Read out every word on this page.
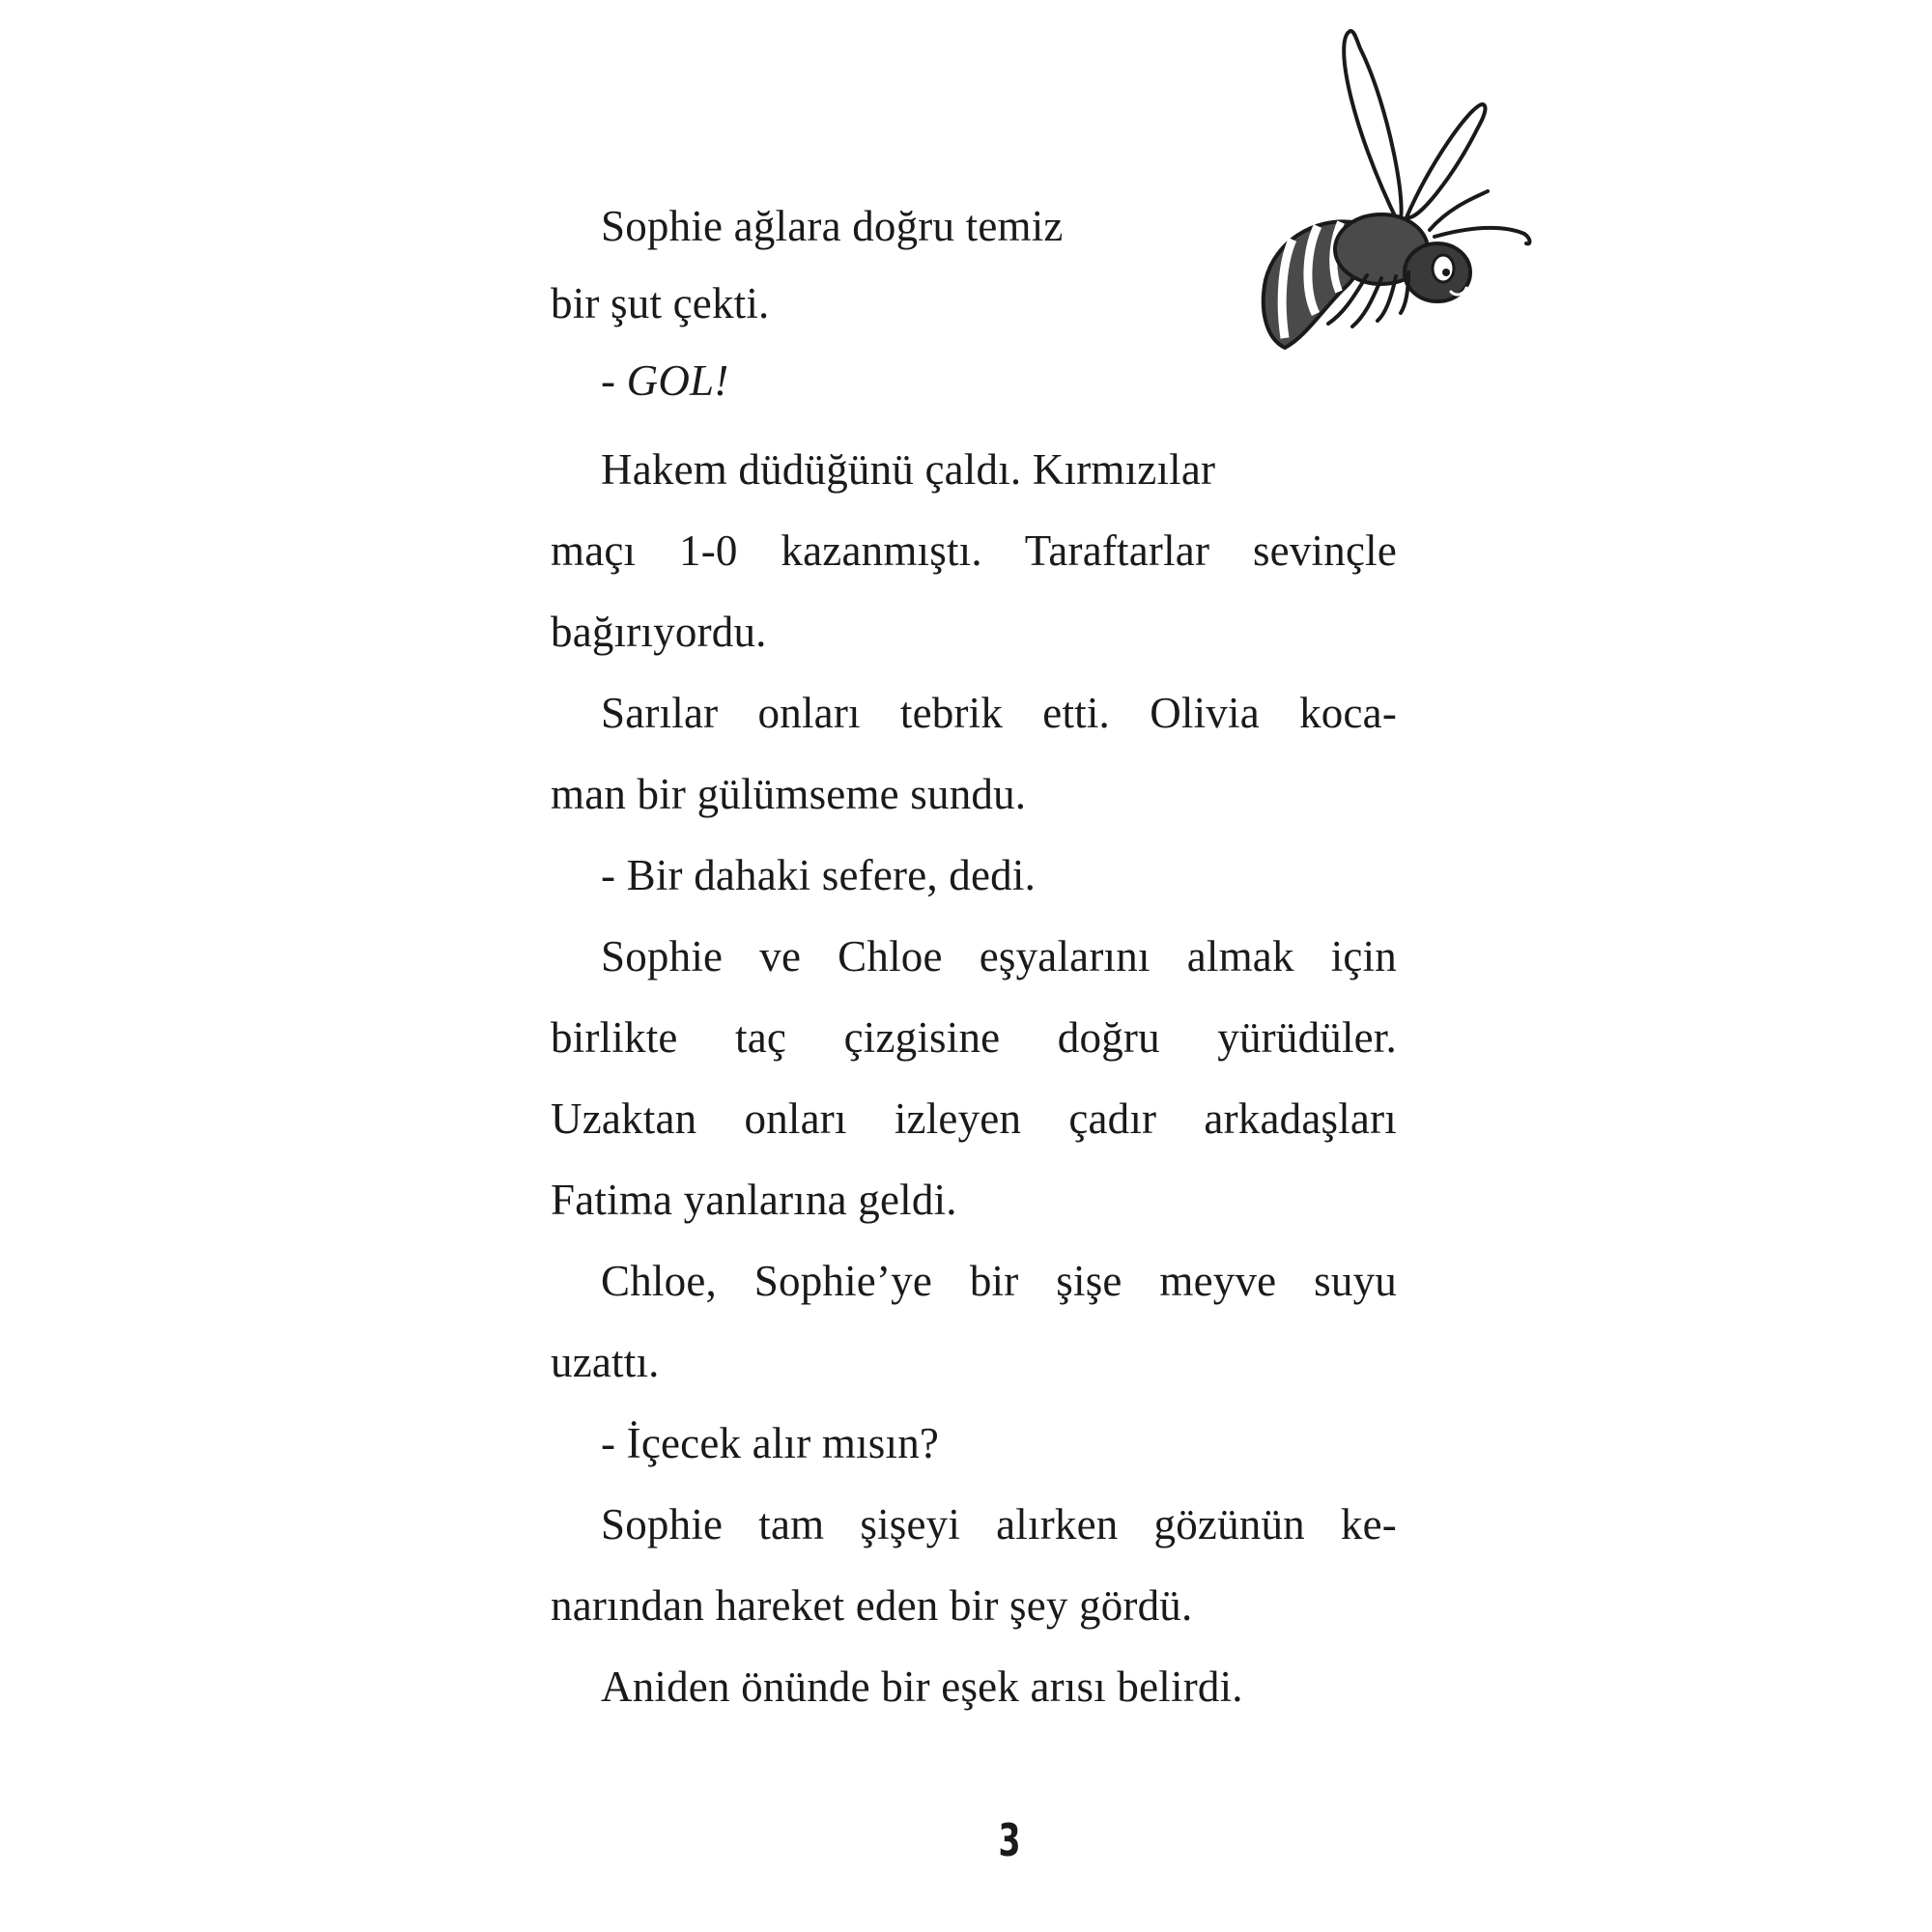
Sophie ağlara doğru temiz
bir şut çekti.
- GOL!
Hakem düdüğünü çaldı. Kırmızılar
maçı 1-0 kazanmıştı. Taraftarlar sevinçle
bağırıyordu.
Sarılar onları tebrik etti. Olivia koca-
man bir gülümseme sundu.
- Bir dahaki sefere, dedi.
Sophie ve Chloe eşyalarını almak için
birlikte taç çizgisine doğru yürüdüler.
Uzaktan onları izleyen çadır arkadaşları
Fatima yanlarına geldi.
Chloe, Sophie’ye bir şişe meyve suyu
uzattı.
- İçecek alır mısın?
Sophie tam şişeyi alırken gözünün ke-
narından hareket eden bir şey gördü.
Aniden önünde bir eşek arısı belirdi.
3
